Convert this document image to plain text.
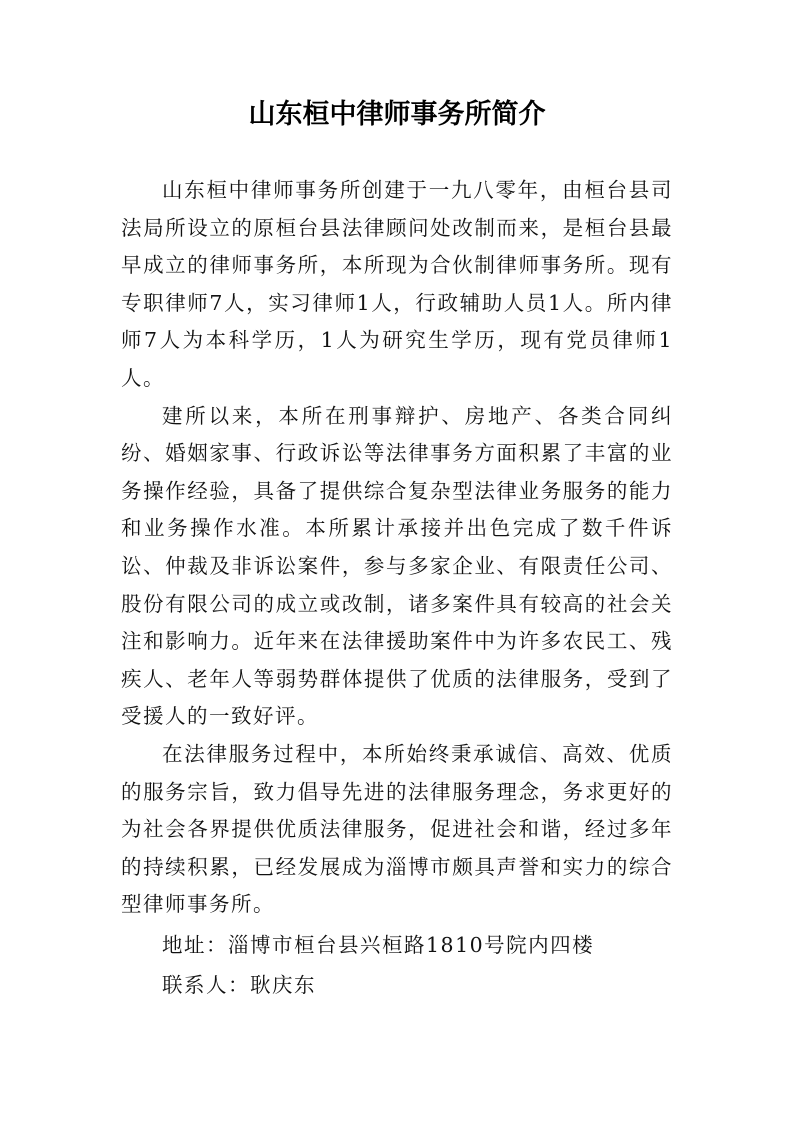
山东桓中律师事务所简介

山东桓中律师事务所创建于一九八零年，由桓台县司法局所设立的原桓台县法律顾问处改制而来，是桓台县最早成立的律师事务所，本所现为合伙制律师事务所。现有专职律师7人，实习律师1人，行政辅助人员1人。所内律师7人为本科学历，1人为研究生学历，现有党员律师1人。

建所以来，本所在刑事辩护、房地产、各类合同纠纷、婚姻家事、行政诉讼等法律事务方面积累了丰富的业务操作经验，具备了提供综合复杂型法律业务服务的能力和业务操作水准。本所累计承接并出色完成了数千件诉讼、仲裁及非诉讼案件，参与多家企业、有限责任公司、股份有限公司的成立或改制，诸多案件具有较高的社会关注和影响力。近年来在法律援助案件中为许多农民工、残疾人、老年人等弱势群体提供了优质的法律服务，受到了受援人的一致好评。

在法律服务过程中，本所始终秉承诚信、高效、优质的服务宗旨，致力倡导先进的法律服务理念，务求更好的为社会各界提供优质法律服务，促进社会和谐，经过多年的持续积累，已经发展成为淄博市颇具声誉和实力的综合型律师事务所。

地址：淄博市桓台县兴桓路1810号院内四楼

联系人：耿庆东
